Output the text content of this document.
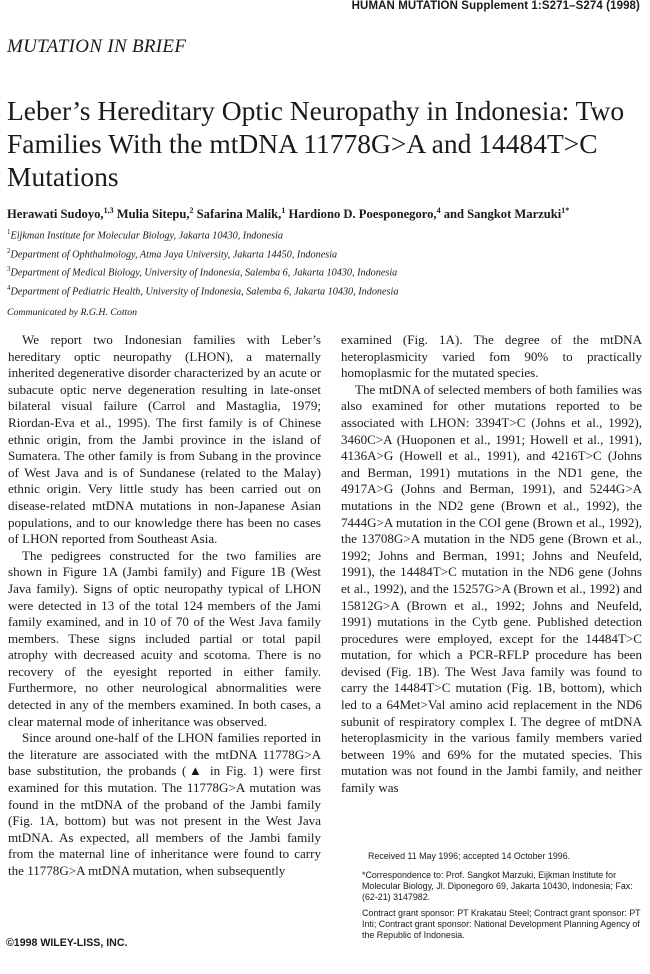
HUMAN MUTATION Supplement 1:S271–S274 (1998)
MUTATION IN BRIEF
Leber’s Hereditary Optic Neuropathy in Indonesia: Two Families With the mtDNA 11778G>A and 14484T>C Mutations
Herawati Sudoyo,$^{1,3}$ Mulia Sitepu,$^2$ Safarina Malik,$^1$ Hardiono D. Poesponegoro,$^4$ and Sangkot Marzuki$^{1*}$
$^1$Eijkman Institute for Molecular Biology, Jakarta 10430, Indonesia
$^2$Department of Ophthalmology, Atma Jaya University, Jakarta 14450, Indonesia
$^3$Department of Medical Biology, University of Indonesia, Salemba 6, Jakarta 10430, Indonesia
$^4$Department of Pediatric Health, University of Indonesia, Salemba 6, Jakarta 10430, Indonesia
Communicated by R.G.H. Cotton

We report two Indonesian families with Leber’s hereditary optic neuropathy (LHON), a maternally inherited degenerative disorder characterized by an acute or subacute optic nerve degeneration resulting in late-onset bilateral visual failure (Carrol and Mastaglia, 1979; Riordan-Eva et al., 1995). The first family is of Chinese ethnic origin, from the Jambi province in the island of Sumatera. The other family is from Subang in the province of West Java and is of Sundanese (related to the Malay) ethnic origin. Very little study has been carried out on disease-related mtDNA mutations in non-Japanese Asian populations, and to our knowledge there has been no cases of LHON reported from Southeast Asia.

The pedigrees constructed for the two families are shown in Figure 1A (Jambi family) and Figure 1B (West Java family). Signs of optic neuropathy typical of LHON were detected in 13 of the total 124 members of the Jami family examined, and in 10 of 70 of the West Java family members. These signs included partial or total papil atrophy with decreased acuity and scotoma. There is no recovery of the eyesight reported in either family. Furthermore, no other neurological abnormalities were detected in any of the members examined. In both cases, a clear maternal mode of inheritance was observed.

Since around one-half of the LHON families reported in the literature are associated with the mtDNA 11778G>A base substitution, the probands (▲ in Fig. 1) were first examined for this mutation. The 11778G>A mutation was found in the mtDNA of the proband of the Jambi family (Fig. 1A, bottom) but was not present in the West Java mtDNA. As expected, all members of the Jambi family from the maternal line of inheritance were found to carry the 11778G>A mtDNA mutation, when subsequently

examined (Fig. 1A). The degree of the mtDNA heteroplasmicity varied fom 90% to practically homoplasmic for the mutated species.

The mtDNA of selected members of both families was also examined for other mutations reported to be associated with LHON: 3394T>C (Johns et al., 1992), 3460C>A (Huoponen et al., 1991; Howell et al., 1991), 4136A>G (Howell et al., 1991), and 4216T>C (Johns and Berman, 1991) mutations in the ND1 gene, the 4917A>G (Johns and Berman, 1991), and 5244G>A mutations in the ND2 gene (Brown et al., 1992), the 7444G>A mutation in the COI gene (Brown et al., 1992), the 13708G>A mutation in the ND5 gene (Brown et al., 1992; Johns and Berman, 1991; Johns and Neufeld, 1991), the 14484T>C mutation in the ND6 gene (Johns et al., 1992), and the 15257G>A (Brown et al., 1992) and 15812G>A (Brown et al., 1992; Johns and Neufeld, 1991) mutations in the Cytb gene. Published detection procedures were employed, except for the 14484T>C mutation, for which a PCR-RFLP procedure has been devised (Fig. 1B). The West Java family was found to carry the 14484T>C mutation (Fig. 1B, bottom), which led to a 64Met>Val amino acid replacement in the ND6 subunit of respiratory complex I. The degree of mtDNA heteroplasmicity in the various family members varied between 19% and 69% for the mutated species. This mutation was not found in the Jambi family, and neither family was

Received 11 May 1996; accepted 14 October 1996.

*Correspondence to: Prof. Sangkot Marzuki, Eijkman Institute for Molecular Biology, Jl. Diponegoro 69, Jakarta 10430, Indonesia; Fax: (62-21) 3147982.

Contract grant sponsor: PT Krakatau Steel; Contract grant sponsor: PT Inti; Contract grant sponsor: National Development Planning Agency of the Republic of Indonesia.

©1998 WILEY-LISS, INC.
